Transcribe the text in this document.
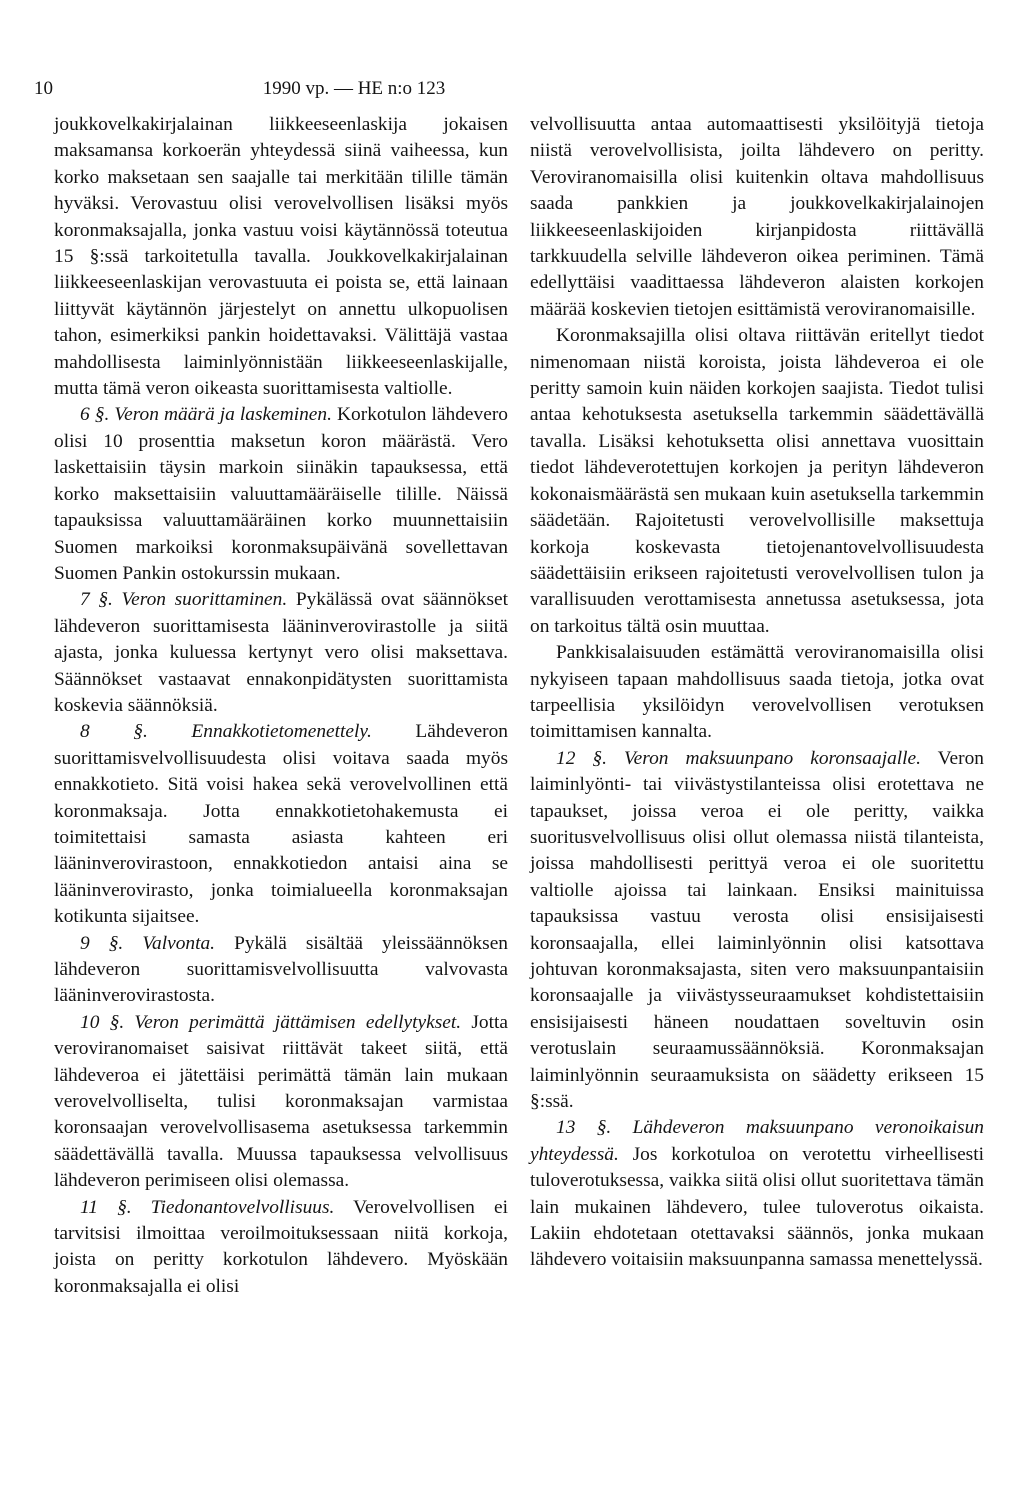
10	1990 vp. — HE n:o 123

joukkovelkakirjalainan liikkeeseenlaskija jokaisen maksamansa korkoerän yhteydessä siinä vaiheessa, kun korko maksetaan sen saajalle tai merkitään tilille tämän hyväksi. Verovastuu olisi verovelvollisen lisäksi myös koronmaksajalla, jonka vastuu voisi käytännössä toteutua 15 §:ssä tarkoitetulla tavalla. Joukkovelkakirjalainan liikkeeseenlaskijan verovastuuta ei poista se, että lainaan liittyvät käytännön järjestelyt on annettu ulkopuolisen tahon, esimerkiksi pankin hoidettavaksi. Välittäjä vastaa mahdollisesta laiminlyönnistään liikkeeseenlaskijalle, mutta tämä veron oikeasta suorittamisesta valtiolle.

6 §. Veron määrä ja laskeminen. Korkotulon lähdevero olisi 10 prosenttia maksetun koron määrästä. Vero laskettaisiin täysin markoin siinäkin tapauksessa, että korko maksettaisiin valuuttamääräiselle tilille. Näissä tapauksissa valuuttamääräinen korko muunnettaisiin Suomen markoiksi koronmaksupäivänä sovellettavan Suomen Pankin ostokurssin mukaan.

7 §. Veron suorittaminen. Pykälässä ovat säännökset lähdeveron suorittamisesta lääninverovirastolle ja siitä ajasta, jonka kuluessa kertynyt vero olisi maksettava. Säännökset vastaavat ennakonpidätysten suorittamista koskevia säännöksiä.

8 §. Ennakkotietomenettely. Lähdeveron suorittamisvelvollisuudesta olisi voitava saada myös ennakkotieto. Sitä voisi hakea sekä verovelvollinen että koronmaksaja. Jotta ennakkotietohakemusta ei toimitettaisi samasta asiasta kahteen eri lääninverovirastoon, ennakkotiedon antaisi aina se lääninverovirasto, jonka toimialueella koronmaksajan kotikunta sijaitsee.

9 §. Valvonta. Pykälä sisältää yleissäännöksen lähdeveron suorittamisvelvollisuutta valvovasta lääninverovirastosta.

10 §. Veron perimättä jättämisen edellytykset. Jotta veroviranomaiset saisivat riittävät takeet siitä, että lähdeveroa ei jätettäisi perimättä tämän lain mukaan verovelvolliselta, tulisi koronmaksajan varmistaa koronsaajan verovelvollisasema asetuksessa tarkemmin säädettävällä tavalla. Muussa tapauksessa velvollisuus lähdeveron perimiseen olisi olemassa.

11 §. Tiedonantovelvollisuus. Verovelvollisen ei tarvitsisi ilmoittaa veroilmoituksessaan niitä korkoja, joista on peritty korkotulon lähdevero. Myöskään koronmaksajalla ei olisi

velvollisuutta antaa automaattisesti yksilöityjä tietoja niistä verovelvollisista, joilta lähdevero on peritty. Veroviranomaisilla olisi kuitenkin oltava mahdollisuus saada pankkien ja joukkovelkakirjalainojen liikkeeseenlaskijoiden kirjanpidosta riittävällä tarkkuudella selville lähdeveron oikea periminen. Tämä edellyttäisi vaadittaessa lähdeveron alaisten korkojen määrää koskevien tietojen esittämistä veroviranomaisille.

Koronmaksajilla olisi oltava riittävän eritellyt tiedot nimenomaan niistä koroista, joista lähdeveroa ei ole peritty samoin kuin näiden korkojen saajista. Tiedot tulisi antaa kehotuksesta asetuksella tarkemmin säädettävällä tavalla. Lisäksi kehotuksetta olisi annettava vuosittain tiedot lähdeverotettujen korkojen ja perityn lähdeveron kokonaismäärästä sen mukaan kuin asetuksella tarkemmin säädetään. Rajoitetusti verovelvollisille maksettuja korkoja koskevasta tietojenantovelvollisuudesta säädettäisiin erikseen rajoitetusti verovelvollisen tulon ja varallisuuden verottamisesta annetussa asetuksessa, jota on tarkoitus tältä osin muuttaa.

Pankkisalaisuuden estämättä veroviranomaisilla olisi nykyiseen tapaan mahdollisuus saada tietoja, jotka ovat tarpeellisia yksilöidyn verovelvollisen verotuksen toimittamisen kannalta.

12 §. Veron maksuunpano koronsaajalle. Veron laiminlyönti- tai viivästystilanteissa olisi erotettava ne tapaukset, joissa veroa ei ole peritty, vaikka suoritusvelvollisuus olisi ollut olemassa niistä tilanteista, joissa mahdollisesti perittyä veroa ei ole suoritettu valtiolle ajoissa tai lainkaan. Ensiksi mainituissa tapauksissa vastuu verosta olisi ensisijaisesti koronsaajalla, ellei laiminlyönnin olisi katsottava johtuvan koronmaksajasta, siten vero maksuunpantaisiin koronsaajalle ja viivästysseuraamukset kohdistettaisiin ensisijaisesti häneen noudattaen soveltuvin osin verotuslain seuraamussäännöksiä. Koronmaksajan laiminlyönnin seuraamuksista on säädetty erikseen 15 §:ssä.

13 §. Lähdeveron maksuunpano veronoikaisun yhteydessä. Jos korkotuloa on verotettu virheellisesti tuloverotuksessa, vaikka siitä olisi ollut suoritettava tämän lain mukainen lähdevero, tulee tuloverotus oikaista. Lakiin ehdotetaan otettavaksi säännös, jonka mukaan lähdevero voitaisiin maksuunpanna samassa menettelyssä.
